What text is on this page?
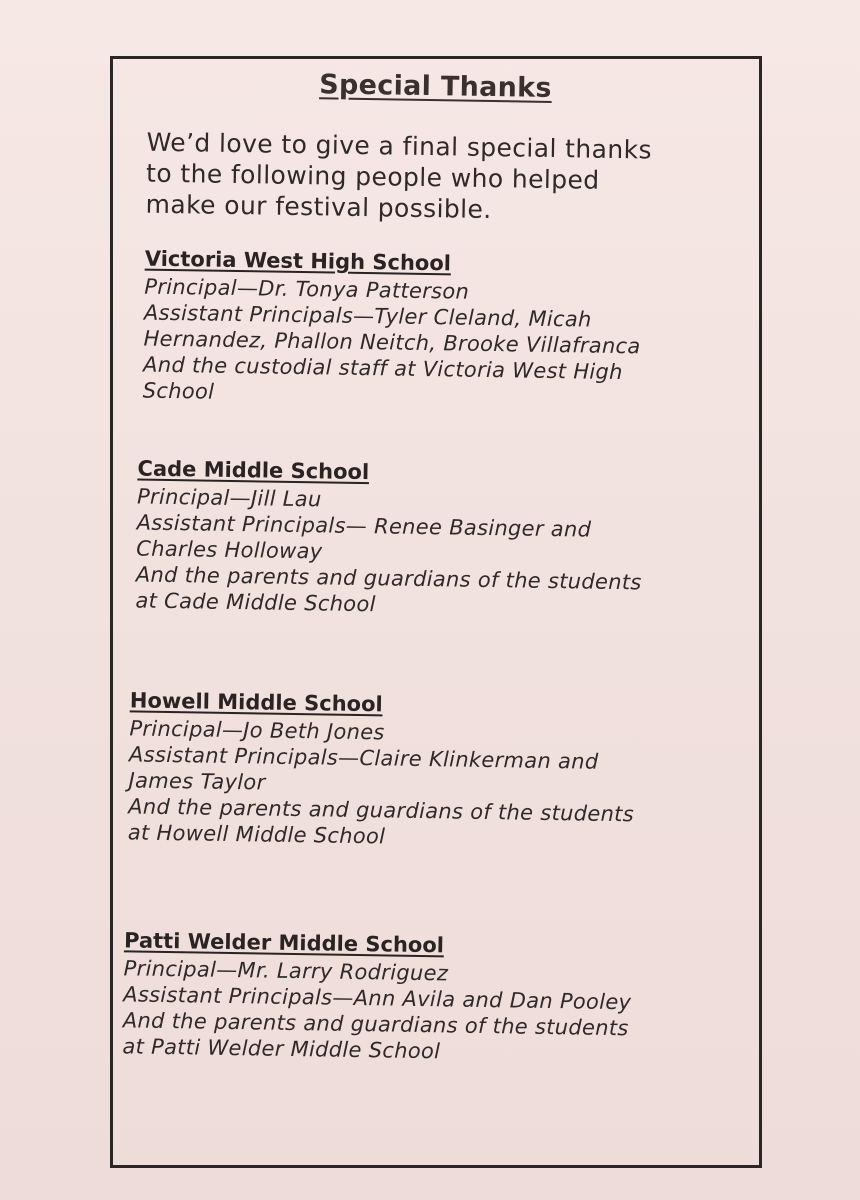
Special Thanks
We’d love to give a final special thanks
to the following people who helped
make our festival possible.
Victoria West High School
Principal—Dr. Tonya Patterson
Assistant Principals—Tyler Cleland, Micah
Hernandez, Phallon Neitch, Brooke Villafranca
And the custodial staff at Victoria West High
School
Cade Middle School
Principal—Jill Lau
Assistant Principals— Renee Basinger and
Charles Holloway
And the parents and guardians of the students
at Cade Middle School
Howell Middle School
Principal—Jo Beth Jones
Assistant Principals—Claire Klinkerman and
James Taylor
And the parents and guardians of the students
at Howell Middle School
Patti Welder Middle School
Principal—Mr. Larry Rodriguez
Assistant Principals—Ann Avila and Dan Pooley
And the parents and guardians of the students
at Patti Welder Middle School
